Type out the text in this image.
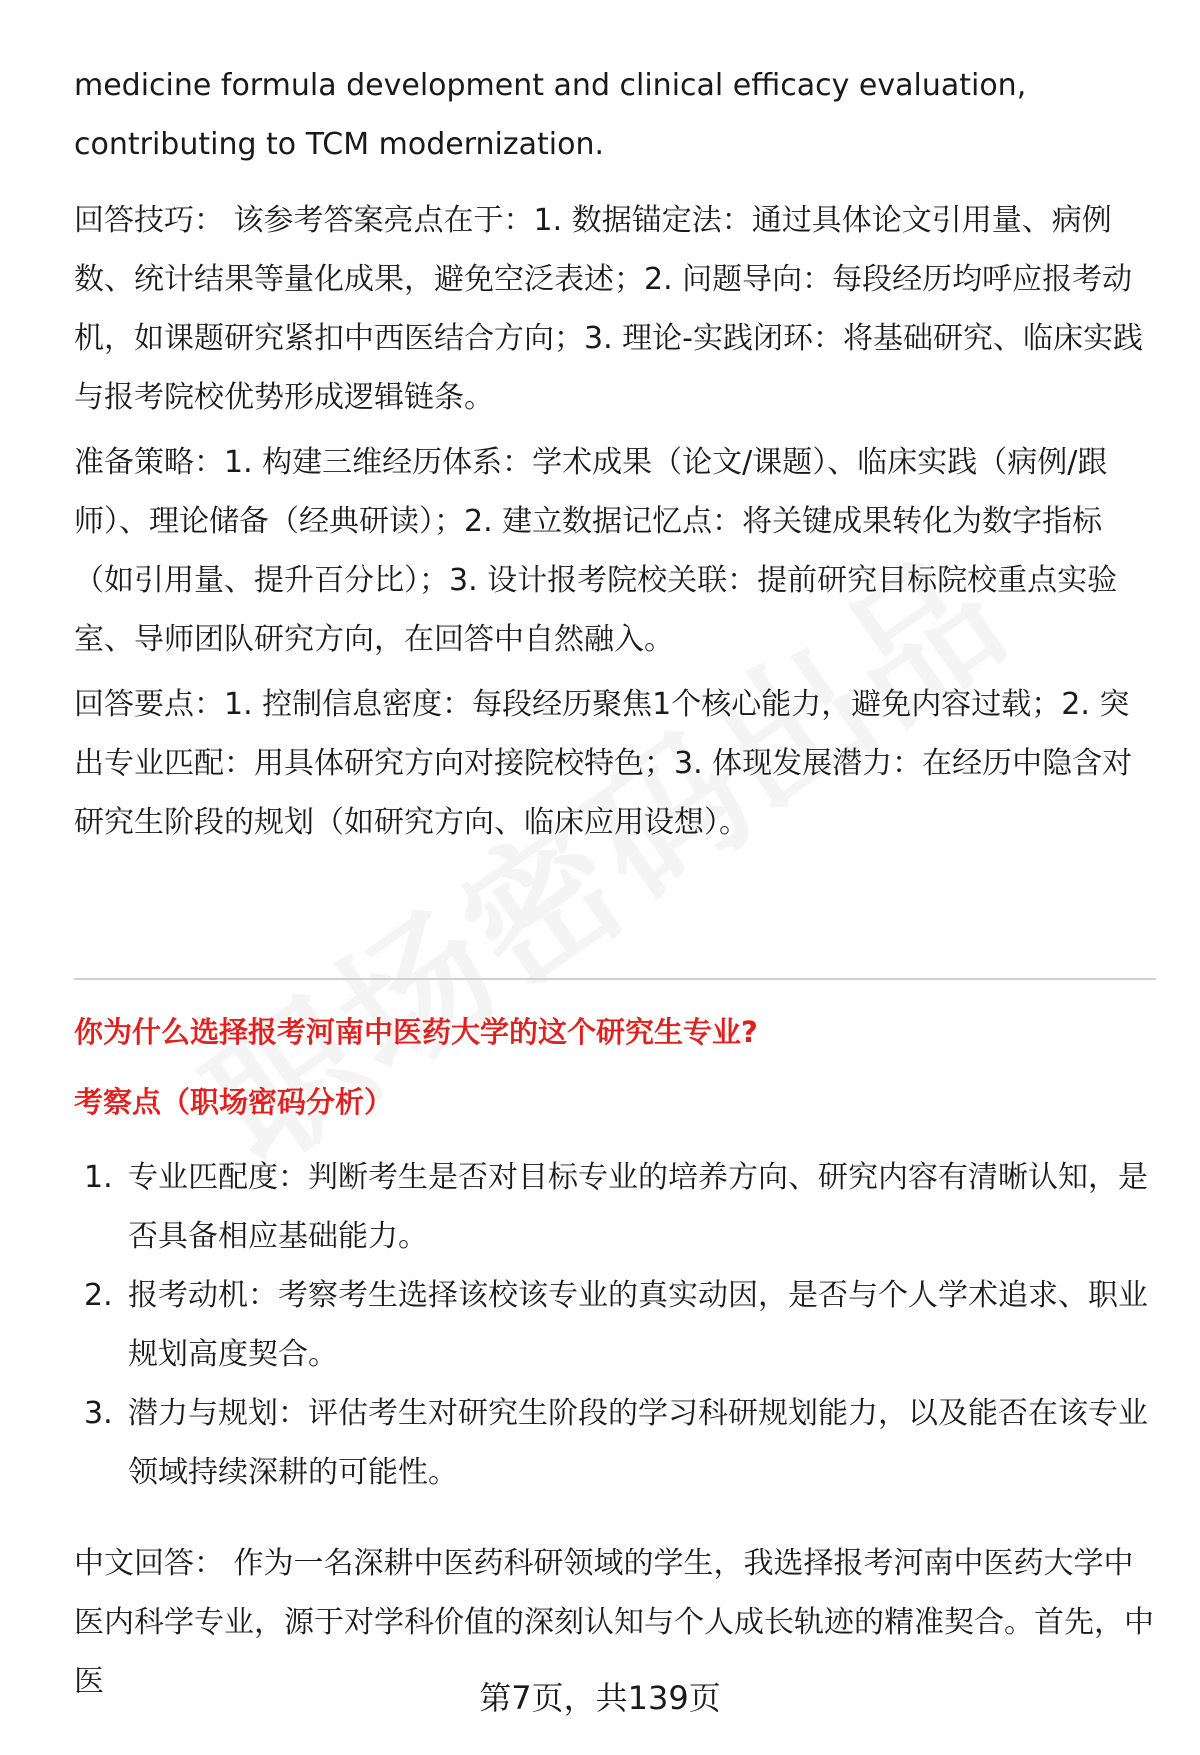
medicine formula development and clinical efficacy evaluation, contributing to TCM modernization.

回答技巧： 该参考答案亮点在于：1. 数据锚定法：通过具体论文引用量、病例数、统计结果等量化成果，避免空泛表述；2. 问题导向：每段经历均呼应报考动机，如课题研究紧扣中西医结合方向；3. 理论-实践闭环：将基础研究、临床实践与报考院校优势形成逻辑链条。

准备策略：1. 构建三维经历体系：学术成果（论文/课题）、临床实践（病例/跟师）、理论储备（经典研读）；2. 建立数据记忆点：将关键成果转化为数字指标（如引用量、提升百分比）；3. 设计报考院校关联：提前研究目标院校重点实验室、导师团队研究方向，在回答中自然融入。

回答要点：1. 控制信息密度：每段经历聚焦1个核心能力，避免内容过载；2. 突出专业匹配：用具体研究方向对接院校特色；3. 体现发展潜力：在经历中隐含对研究生阶段的规划（如研究方向、临床应用设想）。

你为什么选择报考河南中医药大学的这个研究生专业?

考察点（职场密码分析）

1. 专业匹配度：判断考生是否对目标专业的培养方向、研究内容有清晰认知，是否具备相应基础能力。
2. 报考动机：考察考生选择该校该专业的真实动因，是否与个人学术追求、职业规划高度契合。
3. 潜力与规划：评估考生对研究生阶段的学习科研规划能力，以及能否在该专业领域持续深耕的可能性。

中文回答： 作为一名深耕中医药科研领域的学生，我选择报考河南中医药大学中医内科学专业，源于对学科价值的深刻认知与个人成长轨迹的精准契合。首先，中医	第7页，共139页
